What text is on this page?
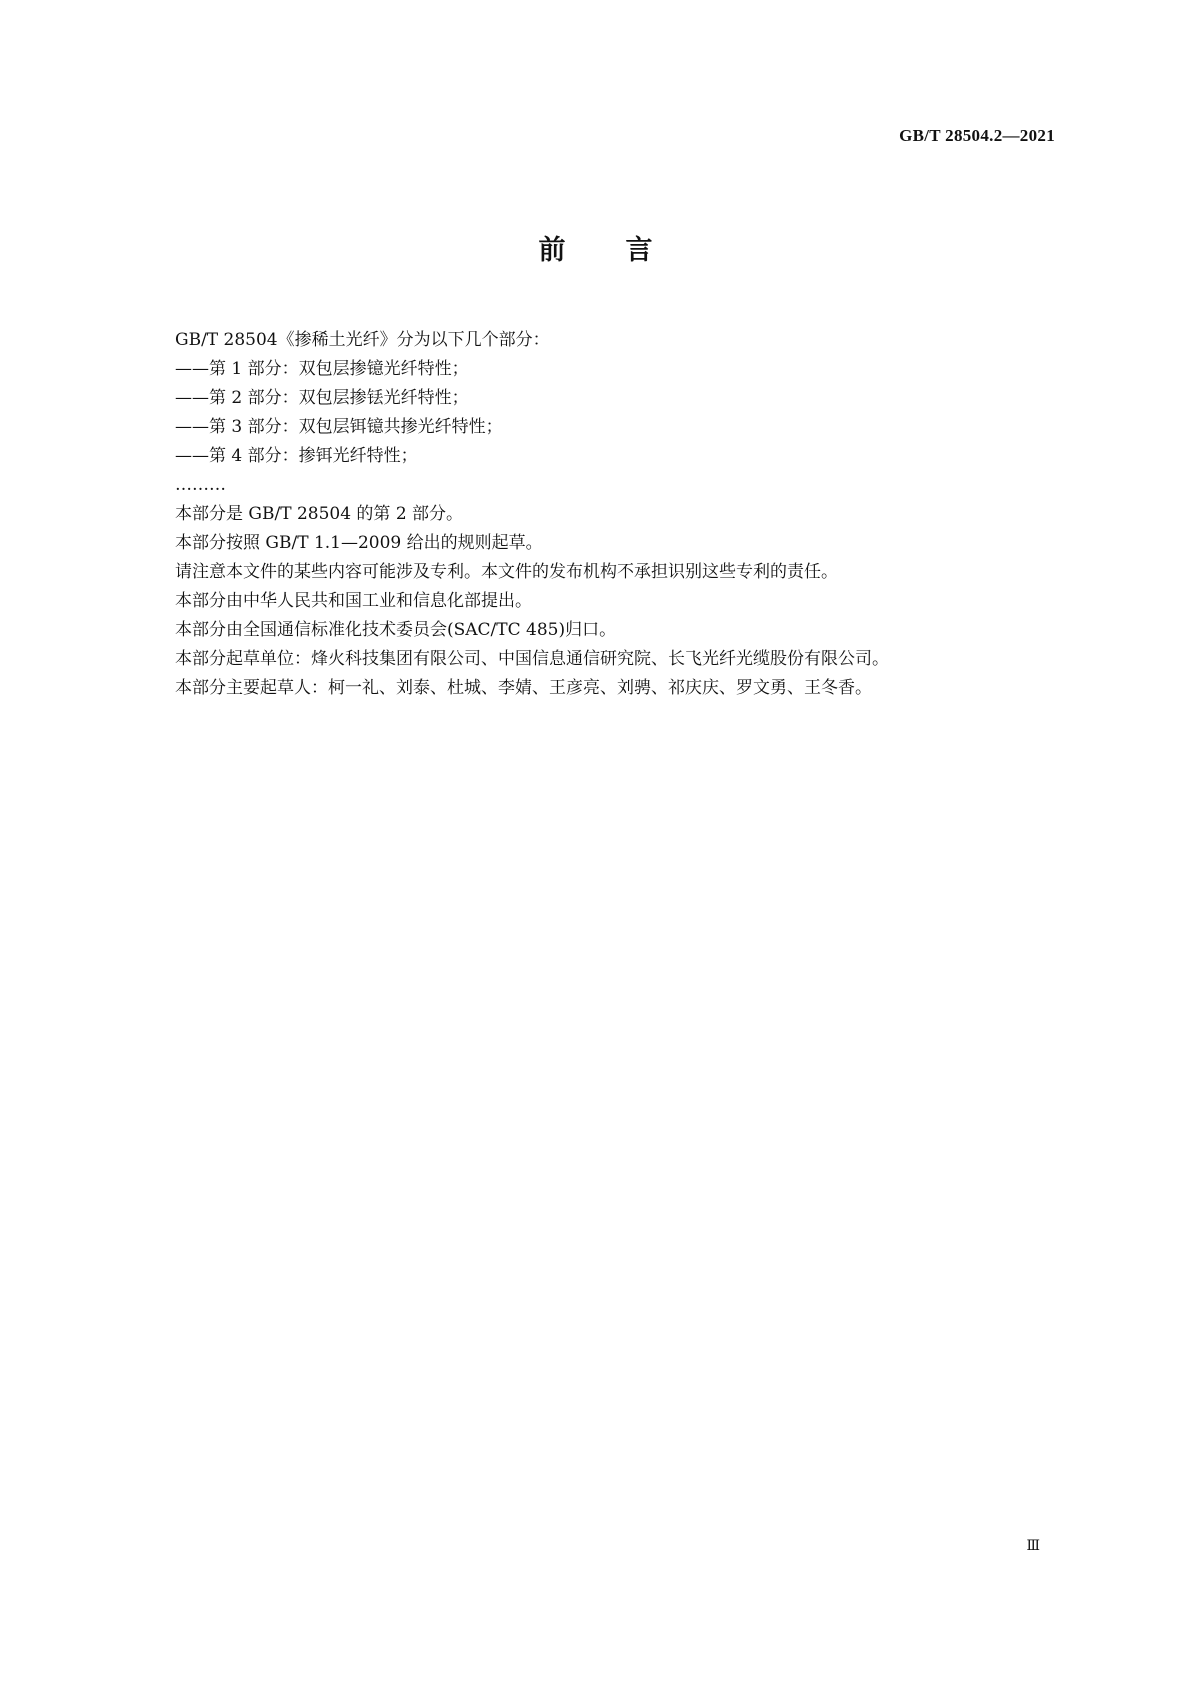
GB/T 28504.2—2021
前言
GB/T 28504《掺稀土光纤》分为以下几个部分：
——第 1 部分：双包层掺镱光纤特性；
——第 2 部分：双包层掺铥光纤特性；
——第 3 部分：双包层铒镱共掺光纤特性；
——第 4 部分：掺铒光纤特性；
………
本部分是 GB/T 28504 的第 2 部分。
本部分按照 GB/T 1.1—2009 给出的规则起草。
请注意本文件的某些内容可能涉及专利。本文件的发布机构不承担识别这些专利的责任。
本部分由中华人民共和国工业和信息化部提出。
本部分由全国通信标准化技术委员会(SAC/TC 485)归口。
本部分起草单位：烽火科技集团有限公司、中国信息通信研究院、长飞光纤光缆股份有限公司。
本部分主要起草人：柯一礼、刘泰、杜城、李婧、王彦亮、刘骋、祁庆庆、罗文勇、王冬香。
Ⅲ
